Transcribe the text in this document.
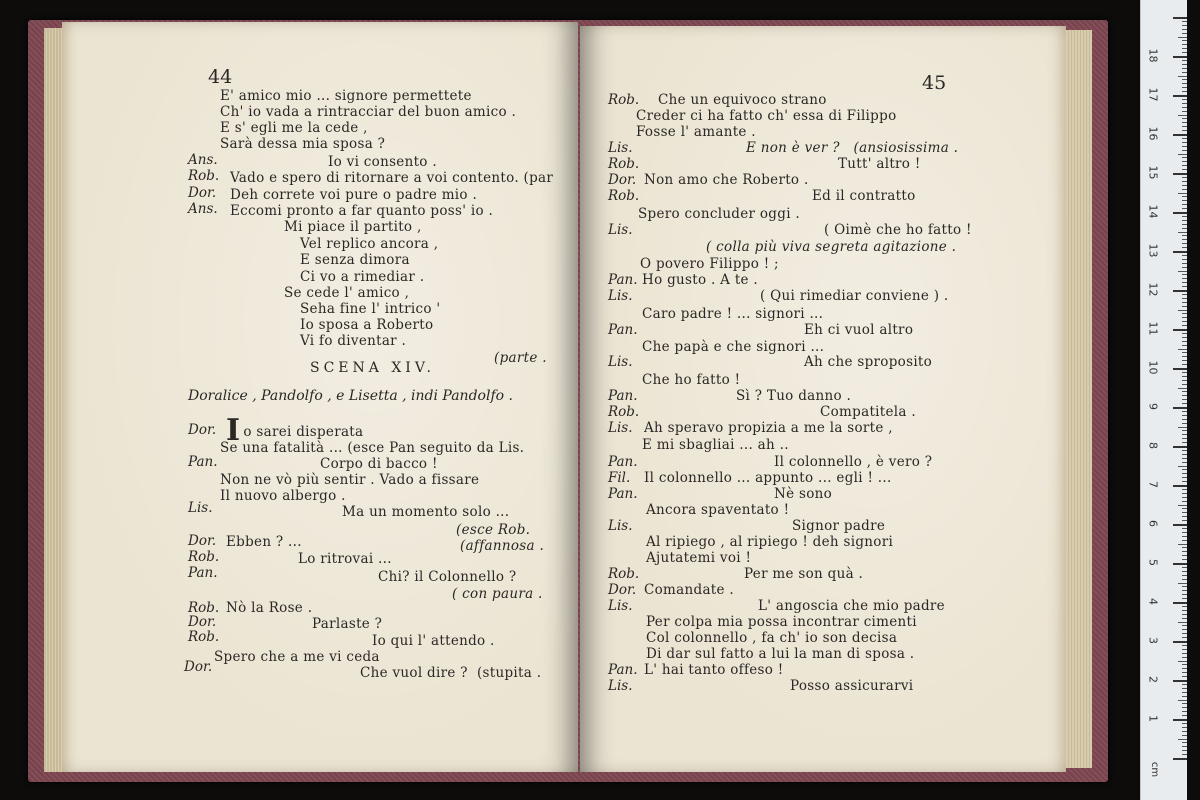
44
E' amico mio ... signore permettete
Ch' io vada a rintracciar del buon amico .
E s' egli me la cede ,
Sarà dessa mia sposa ?
Ans.	Io vi consento .
Rob. Vado e spero di ritornare a voi contento. (par
Dor. Deh correte voi pure o padre mio .
Ans. Eccomi pronto a far quanto poss' io .
Mi piace il partito ,
Vel replico ancora ,
E senza dimora
Ci vo a rimediar .
Se cede l' amico ,
Seha fine l' intrico '
Io sposa a Roberto
Vi fo diventar .
(parte .
SCENA XIV.
Doralice , Pandolfo , e Lisetta , indi Pandolfo .
Dor. Io sarei disperata
Se una fatalità ... (esce Pan seguito da Lis.
Pan.	Corpo di bacco !
Non ne vò più sentir . Vado a fissare
Il nuovo albergo .
Lis.	Ma un momento solo ...
(esce Rob.
Dor. Ebben ? ...	(affannosa .
Rob.	Lo ritrovai ...
Pan.	Chi? il Colonnello ?
( con paura .
Rob. Nò la Rose .
Dor.	Parlaste ?
Rob.	Io qui l' attendo .
Spero che a me vi ceda
Dor.	Che vuol dire ?  (stupita .
45
Rob. Che un equivoco strano
Creder ci ha fatto ch' essa di Filippo
Fosse l' amante .
Lis.	E non è ver ?   (ansiosissima .
Rob.	Tutt' altro !
Dor. Non amo che Roberto .
Rob.	Ed il contratto
Spero concluder oggi .
Lis.	( Oimè che ho fatto !
( colla più viva segreta agitazione .
O povero Filippo ! ;
Pan. Ho gusto . A te .
Lis.	( Qui rimediar conviene ) .
Caro padre ! ... signori ...
Pan.	Eh ci vuol altro
Che papà e che signori ...
Lis.	Ah che sproposito
Che ho fatto !
Pan.	Sì ? Tuo danno .
Rob.	Compatitela .
Lis. Ah speravo propizia a me la sorte ,
E mi sbagliai ... ah ..
Pan.	Il colonnello , è vero ?
Fil. Il colonnello ... appunto ... egli ! ...
Pan.	Nè sono
Ancora spaventato !
Lis.	Signor padre
Al ripiego , al ripiego ! deh signori
Ajutatemi voi !
Rob.	Per me son quà .
Dor. Comandate .
Lis.	L' angoscia che mio padre
Per colpa mia possa incontrar cimenti
Col colonnello , fa ch' io son decisa
Di dar sul fatto a lui la man di sposa .
Pan. L' hai tanto offeso !
Lis.	Posso assicurarvi
cm
1
2
3
4
5
6
7
8
9
10
11
12
13
14
15
16
17
18
